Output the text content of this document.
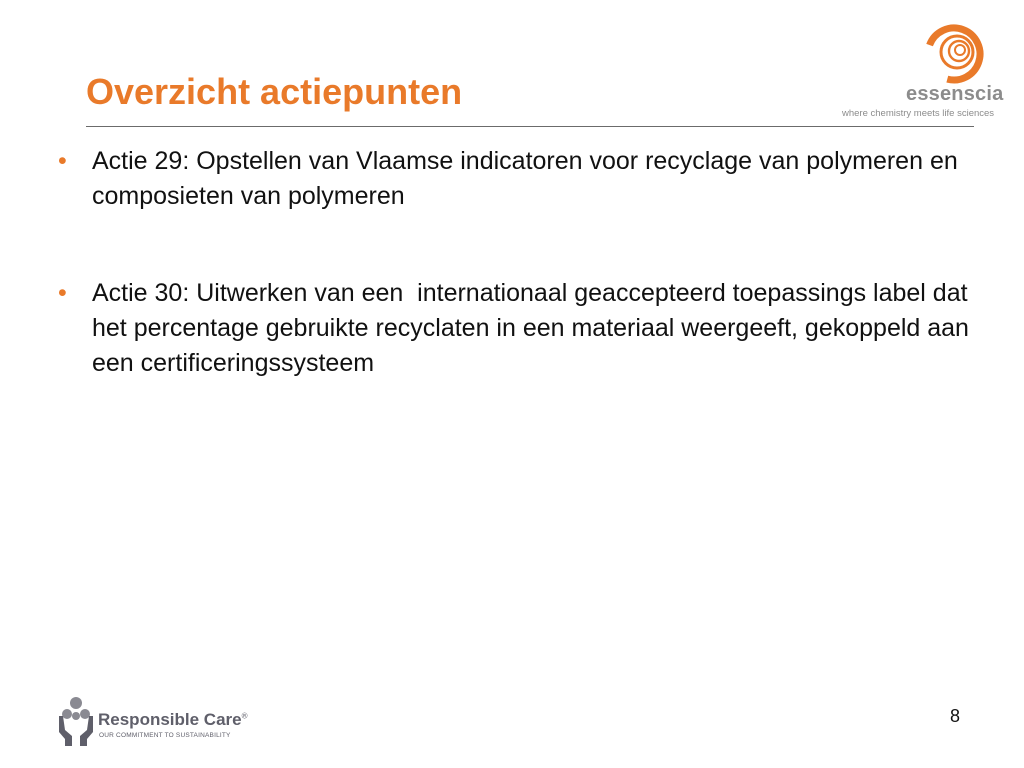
Overzicht actiepunten	essenscia
where chemistry meets life sciences
• Actie 29: Opstellen van Vlaamse indicatoren voor recyclage van polymeren en composieten van polymeren
• Actie 30: Uitwerken van een  internationaal geaccepteerd toepassings label dat het percentage gebruikte recyclaten in een materiaal weergeeft, gekoppeld aan een certificeringssysteem
Responsible Care®
OUR COMMITMENT TO SUSTAINABILITY
8
